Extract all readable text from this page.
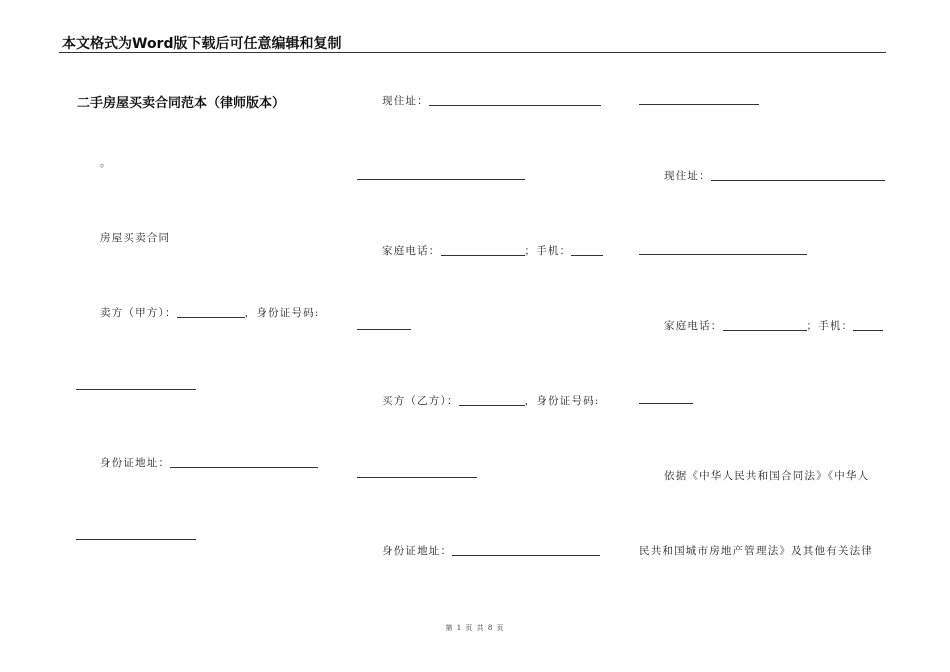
本文格式为Word版下载后可任意编辑和复制
二手房屋买卖合同范本（律师版本）
。
房屋买卖合同
卖方（甲方）：	，身份证号码:
身份证地址：
现住址：
家庭电话：	；手机：
买方（乙方）：	，身份证号码:
身份证地址：
现住址：
家庭电话：	；手机：
依据《中华人民共和国合同法》《中华人
民共和国城市房地产管理法》及其他有关法律
第 1 页 共 8 页
